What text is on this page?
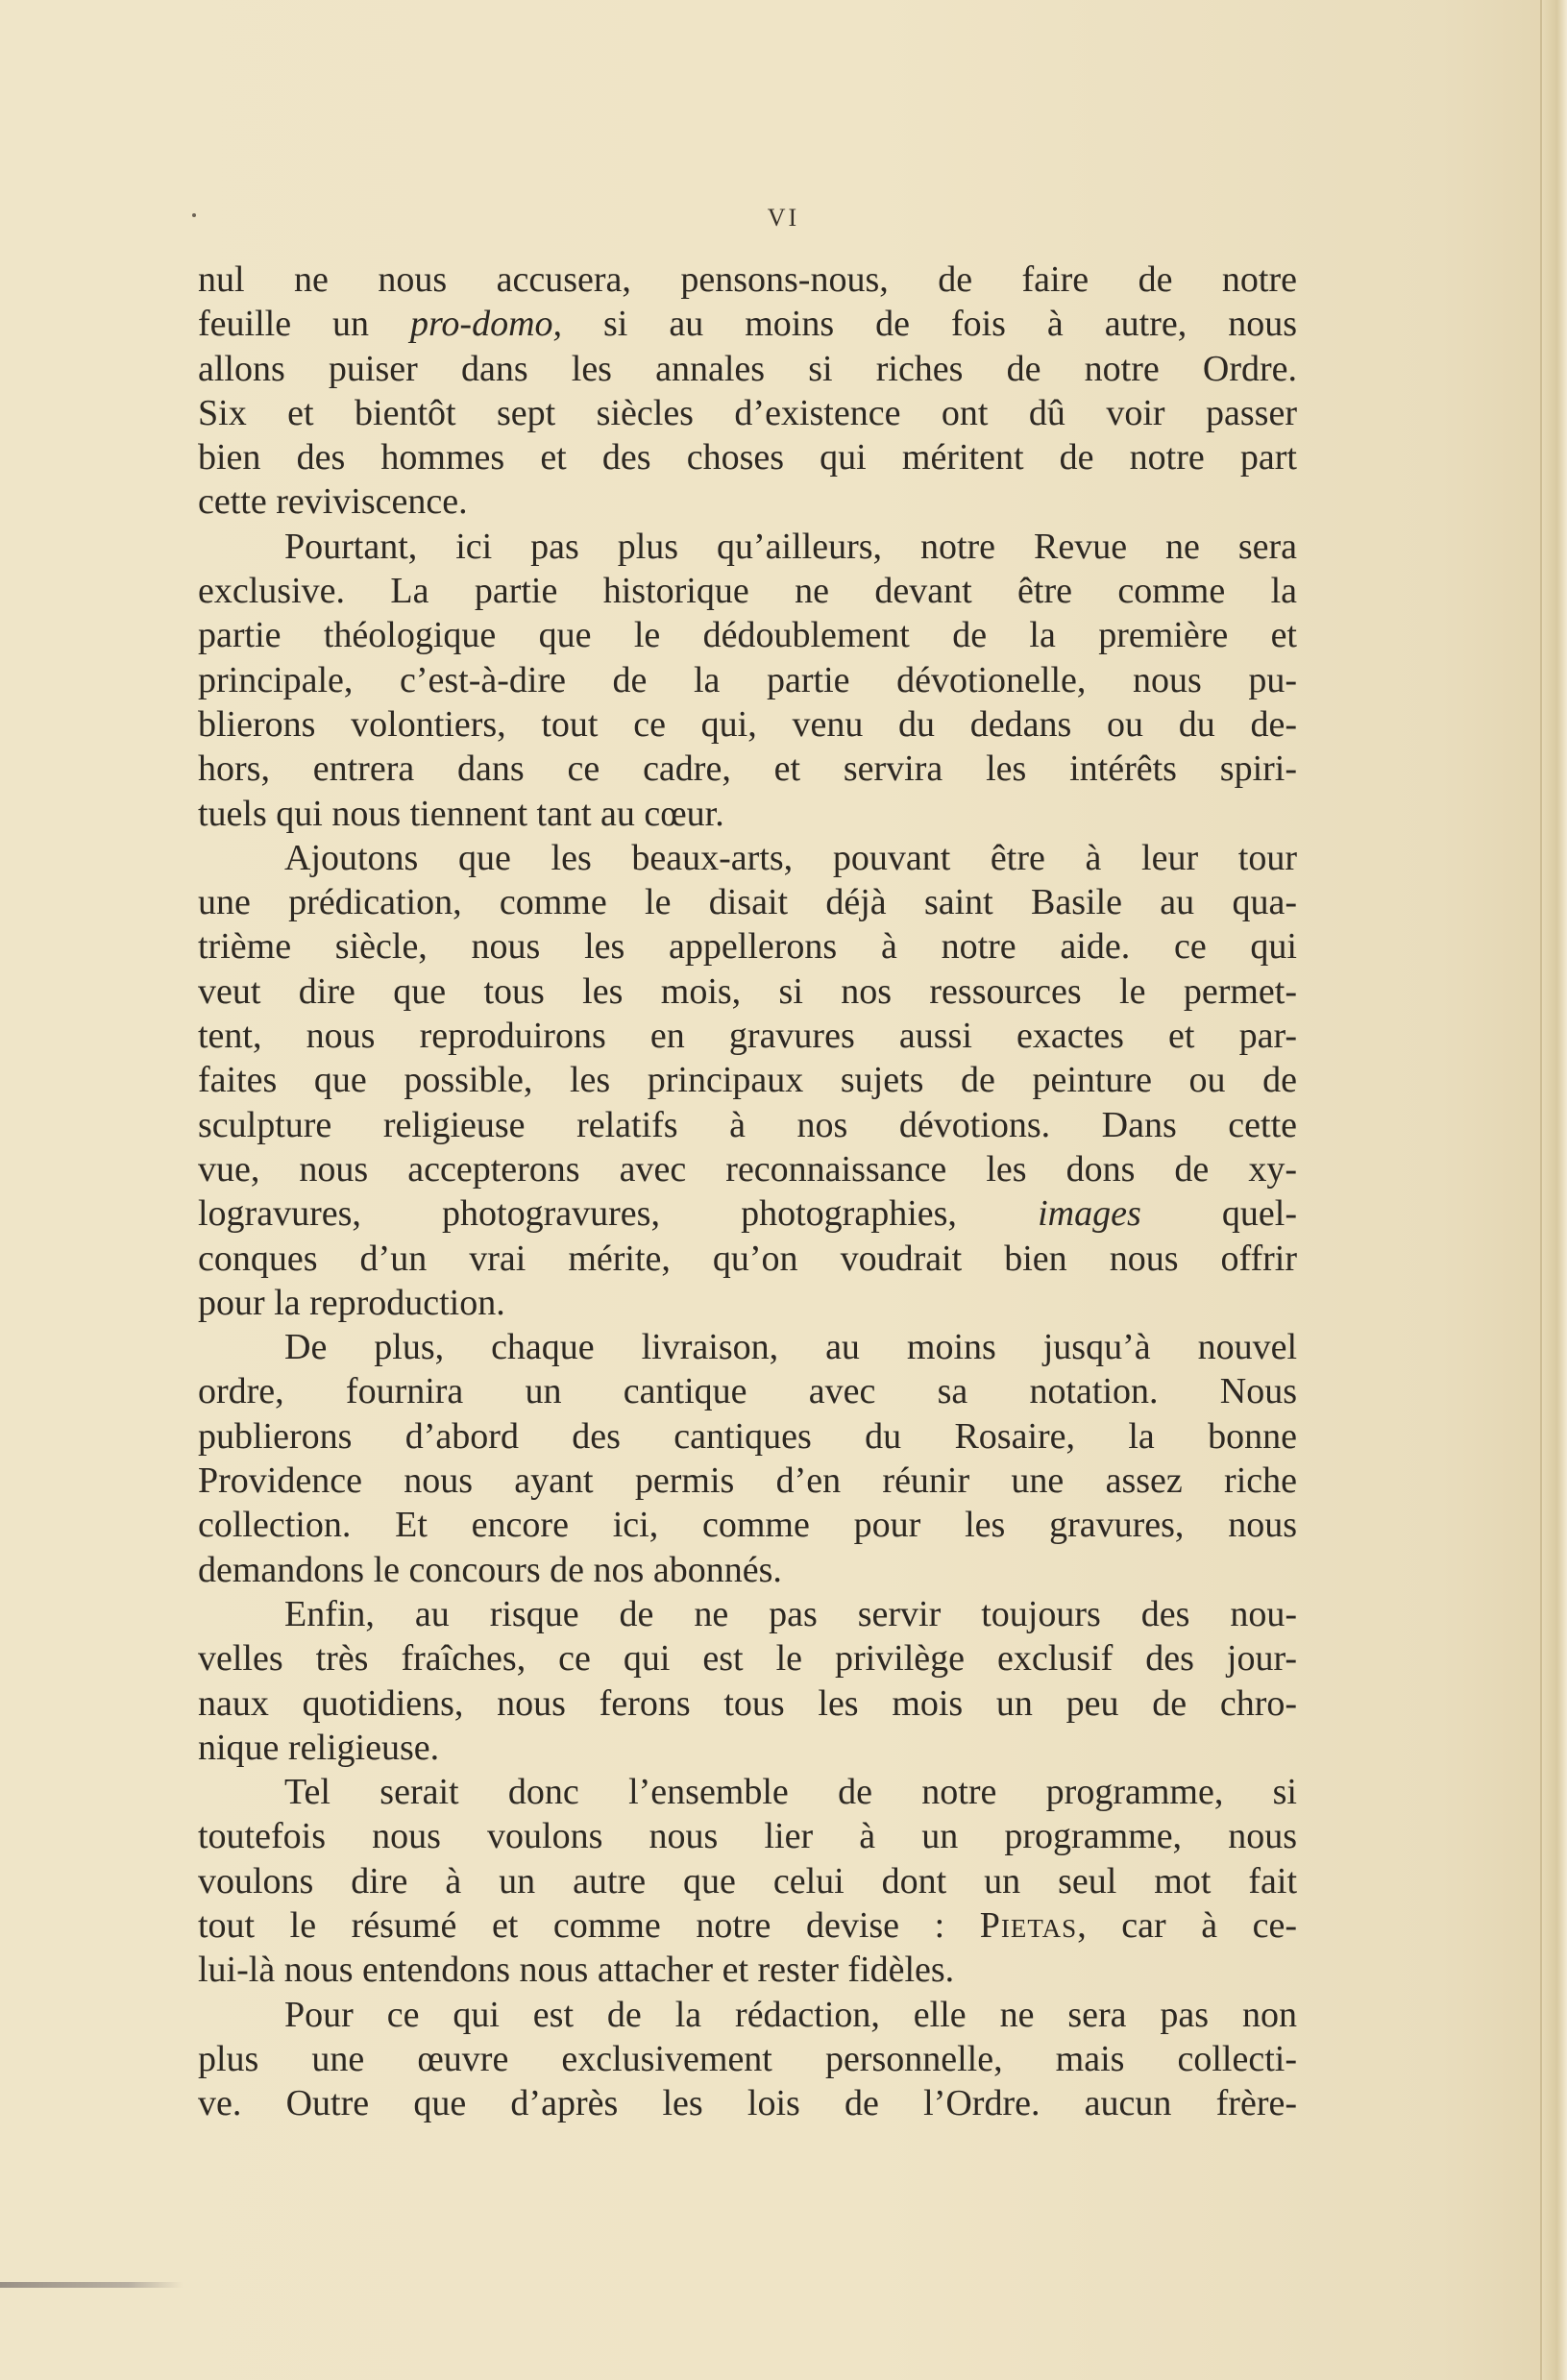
VI
nul ne nous accusera, pensons-nous, de faire de notre
feuille un pro-domo, si au moins de fois à autre, nous
allons puiser dans les annales si riches de notre Ordre.
Six et bientôt sept siècles d’existence ont dû voir passer
bien des hommes et des choses qui méritent de notre part
cette reviviscence.
Pourtant, ici pas plus qu’ailleurs, notre Revue ne sera
exclusive. La partie historique ne devant être comme la
partie théologique que le dédoublement de la première et
principale, c’est-à-dire de la partie dévotionelle, nous pu-
blierons volontiers, tout ce qui, venu du dedans ou du de-
hors, entrera dans ce cadre, et servira les intérêts spiri-
tuels qui nous tiennent tant au cœur.
Ajoutons que les beaux-arts, pouvant être à leur tour
une prédication, comme le disait déjà saint Basile au qua-
trième siècle, nous les appellerons à notre aide. ce qui
veut dire que tous les mois, si nos ressources le permet-
tent, nous reproduirons en gravures aussi exactes et par-
faites que possible, les principaux sujets de peinture ou de
sculpture religieuse relatifs à nos dévotions. Dans cette
vue, nous accepterons avec reconnaissance les dons de xy-
logravures, photogravures, photographies, images quel-
conques d’un vrai mérite, qu’on voudrait bien nous offrir
pour la reproduction.
De plus, chaque livraison, au moins jusqu’à nouvel
ordre, fournira un cantique avec sa notation. Nous
publierons d’abord des cantiques du Rosaire, la bonne
Providence nous ayant permis d’en réunir une assez riche
collection. Et encore ici, comme pour les gravures, nous
demandons le concours de nos abonnés.
Enfin, au risque de ne pas servir toujours des nou-
velles très fraîches, ce qui est le privilège exclusif des jour-
naux quotidiens, nous ferons tous les mois un peu de chro-
nique religieuse.
Tel serait donc l’ensemble de notre programme, si
toutefois nous voulons nous lier à un programme, nous
voulons dire à un autre que celui dont un seul mot fait
tout le résumé et comme notre devise : Pietas, car à ce-
lui-là nous entendons nous attacher et rester fidèles.
Pour ce qui est de la rédaction, elle ne sera pas non
plus une œuvre exclusivement personnelle, mais collecti-
ve. Outre que d’après les lois de l’Ordre. aucun frère-
